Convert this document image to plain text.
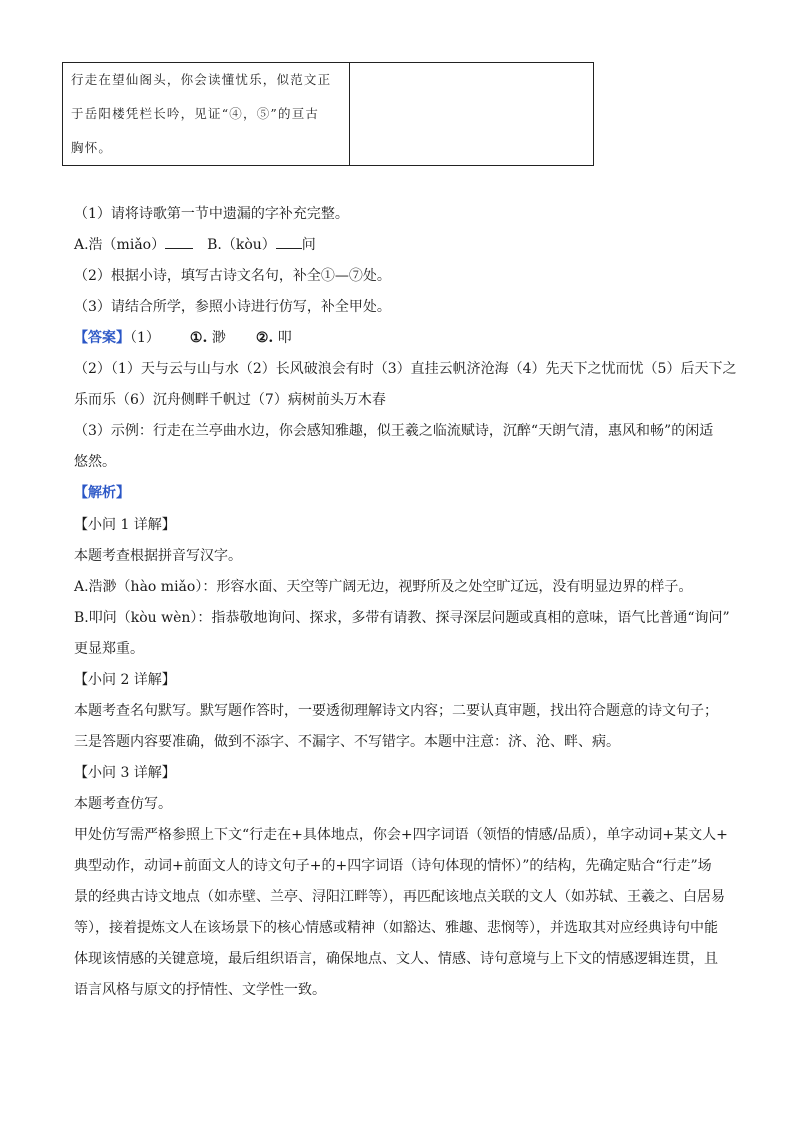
行走在望仙阁头，你会读懂忧乐，似范文正
于岳阳楼凭栏长吟，见证“④，⑤”的亘古
胸怀。

（1）请将诗歌第一节中遗漏的字补充完整。
A.浩（miǎo）	B.（kòu） 问
（2）根据小诗，填写古诗文名句，补全①—⑦处。
（3）请结合所学，参照小诗进行仿写，补全甲处。
【答案】（1） ①. 渺 ②. 叩
（2）（1）天与云与山与水（2）长风破浪会有时（3）直挂云帆济沧海（4）先天下之忧而忧（5）后天下之
乐而乐（6）沉舟侧畔千帆过（7）病树前头万木春
（3）示例：行走在兰亭曲水边，你会感知雅趣，似王羲之临流赋诗，沉醉“天朗气清，惠风和畅”的闲适
悠然。
【解析】
【小问 1 详解】
本题考查根据拼音写汉字。
A.浩渺（hào miǎo）：形容水面、天空等广阔无边，视野所及之处空旷辽远，没有明显边界的样子。
B.叩问（kòu wèn）：指恭敬地询问、探求，多带有请教、探寻深层问题或真相的意味，语气比普通“询问”
更显郑重。
【小问 2 详解】
本题考查名句默写。默写题作答时，一要透彻理解诗文内容；二要认真审题，找出符合题意的诗文句子；
三是答题内容要准确，做到不添字、不漏字、不写错字。本题中注意：济、沧、畔、病。
【小问 3 详解】
本题考查仿写。
甲处仿写需严格参照上下文“行走在+具体地点，你会+四字词语（领悟的情感/品质），单字动词+某文人+
典型动作，动词+前面文人的诗文句子+的+四字词语（诗句体现的情怀）”的结构，先确定贴合“行走”场
景的经典古诗文地点（如赤壁、兰亭、浔阳江畔等），再匹配该地点关联的文人（如苏轼、王羲之、白居易
等），接着提炼文人在该场景下的核心情感或精神（如豁达、雅趣、悲悯等），并选取其对应经典诗句中能
体现该情感的关键意境，最后组织语言，确保地点、文人、情感、诗句意境与上下文的情感逻辑连贯，且
语言风格与原文的抒情性、文学性一致。
